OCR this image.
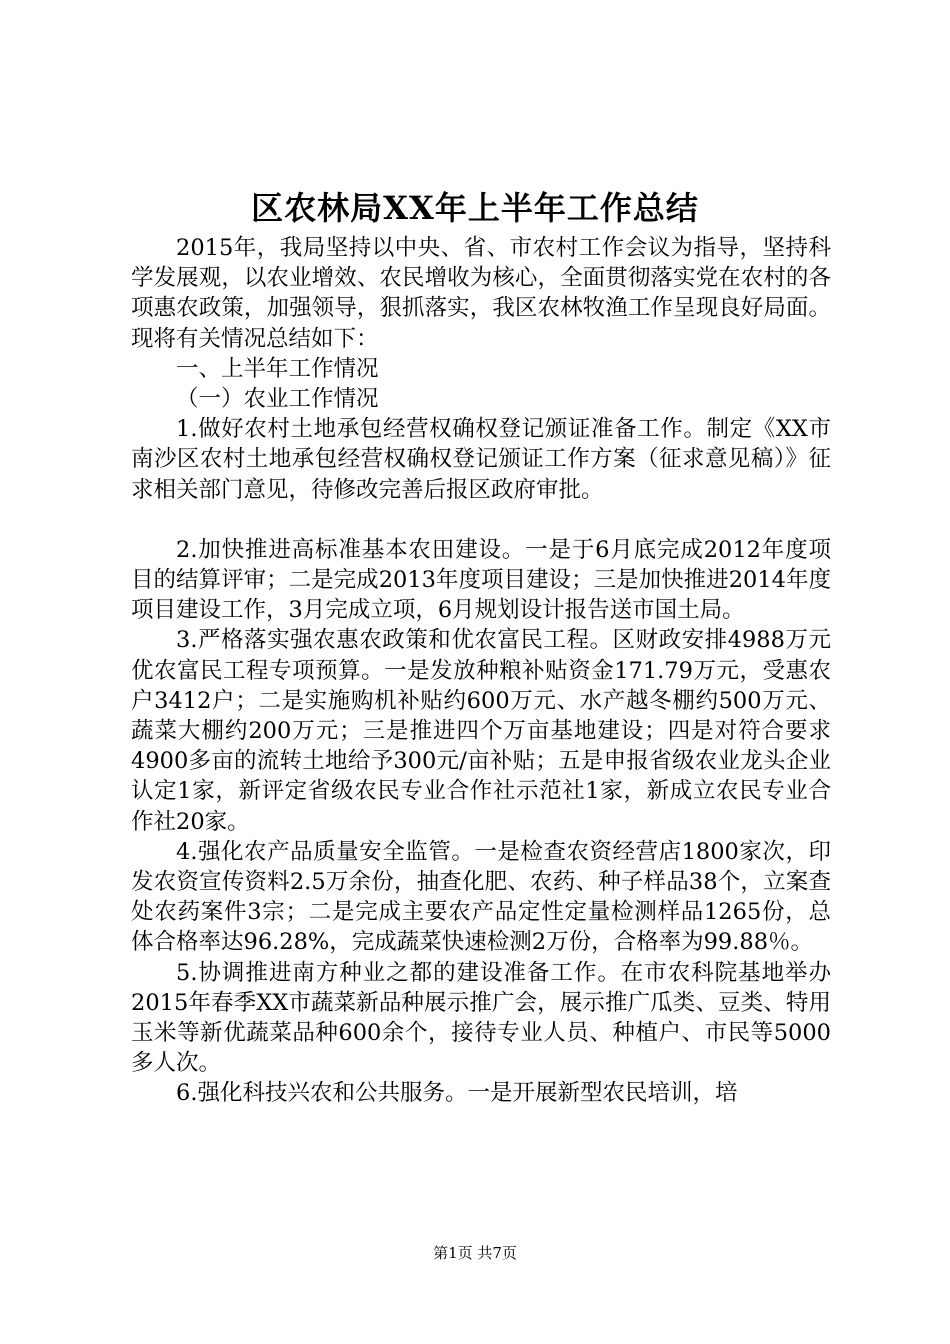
区农林局XX年上半年工作总结

2015年，我局坚持以中央、省、市农村工作会议为指导，坚持科学发展观，以农业增效、农民增收为核心，全面贯彻落实党在农村的各项惠农政策，加强领导，狠抓落实，我区农林牧渔工作呈现良好局面。现将有关情况总结如下：

一、上半年工作情况

（一）农业工作情况

1.做好农村土地承包经营权确权登记颁证准备工作。制定《XX市南沙区农村土地承包经营权确权登记颁证工作方案（征求意见稿）》征求相关部门意见，待修改完善后报区政府审批。

2.加快推进高标准基本农田建设。一是于6月底完成2012年度项目的结算评审；二是完成2013年度项目建设；三是加快推进2014年度项目建设工作，3月完成立项，6月规划设计报告送市国土局。

3.严格落实强农惠农政策和优农富民工程。区财政安排4988万元优农富民工程专项预算。一是发放种粮补贴资金171.79万元，受惠农户3412户；二是实施购机补贴约600万元、水产越冬棚约500万元、蔬菜大棚约200万元；三是推进四个万亩基地建设；四是对符合要求4900多亩的流转土地给予300元/亩补贴；五是申报省级农业龙头企业认定1家，新评定省级农民专业合作社示范社1家，新成立农民专业合作社20家。

4.强化农产品质量安全监管。一是检查农资经营店1800家次，印发农资宣传资料2.5万余份，抽查化肥、农药、种子样品38个，立案查处农药案件3宗；二是完成主要农产品定性定量检测样品1265份，总体合格率达96.28%，完成蔬菜快速检测2万份，合格率为99.88％。

5.协调推进南方种业之都的建设准备工作。在市农科院基地举办2015年春季XX市蔬菜新品种展示推广会，展示推广瓜类、豆类、特用玉米等新优蔬菜品种600余个，接待专业人员、种植户、市民等5000多人次。

6.强化科技兴农和公共服务。一是开展新型农民培训，培

第1页 共7页
